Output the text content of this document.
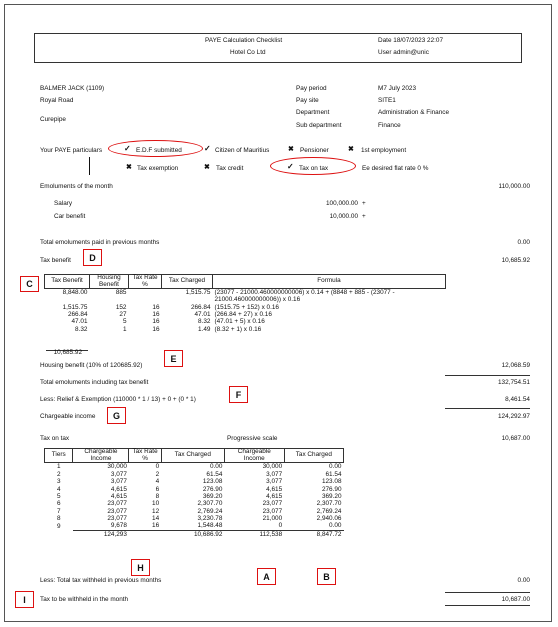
PAYE Calculation Checklist
Hotel Co Ltd
Date 18/07/2023 22:07
User admin@unic
BALMER JACK (1109)
Royal Road
Curepipe
Pay period	M7 July 2023
Pay site	SITE1
Department	Administration & Finance
Sub department	Finance
Your PAYE particulars	✓ E.D.F submitted	✓ Citizen of Mauritius	✖ Pensioner	✖ 1st employment
✖ Tax exemption	✖ Tax credit	✓ Tax on tax	Ee desired flat rate 0 %
Emoluments of the month	110,000.00
Salary	100,000.00 +
Car benefit	10,000.00 +
Total emoluments paid in previous months	0.00
Tax benefit	10,685.92
Tax Benefit	Housing Benefit	Tax Rate %	Tax Charged	Formula
8,848.00	885		1,515.75	(23077 - 21000.460000000006) x 0.14 + (8848 + 885 - (23077 - 21000.460000000006)) x 0.16
1,515.75	152	16	266.84	(1515.75 + 152) x 0.16
266.84	27	16	47.01	(266.84 + 27) x 0.16
47.01	5	16	8.32	(47.01 + 5) x 0.16
8.32	1	16	1.49	(8.32 + 1) x 0.16
10,685.92
Housing benefit (10% of 120685.92)	12,068.59
Total emoluments including tax benefit	132,754.51
Less: Relief & Exemption (110000 * 1 / 13) + 0 + (0 * 1)	8,461.54
Chargeable income	124,292.97
Tax on tax	Progressive scale	10,687.00
Tiers	Chargeable Income	Tax Rate %	Tax Charged	Chargeable Income	Tax Charged
1	30,000	0	0.00	30,000	0.00
2	3,077	2	61.54	3,077	61.54
3	3,077	4	123.08	3,077	123.08
4	4,615	6	276.90	4,615	276.90
5	4,615	8	369.20	4,615	369.20
6	23,077	10	2,307.70	23,077	2,307.70
7	23,077	12	2,769.24	23,077	2,769.24
8	23,077	14	3,230.78	21,000	2,940.06
9	9,678	16	1,548.48	0	0.00
	124,293		10,686.92	112,538	8,847.72
Less: Total tax withheld in previous months	0.00
Tax to be withheld in the month	10,687.00
C
D
E
F
G
H
A	B
I
